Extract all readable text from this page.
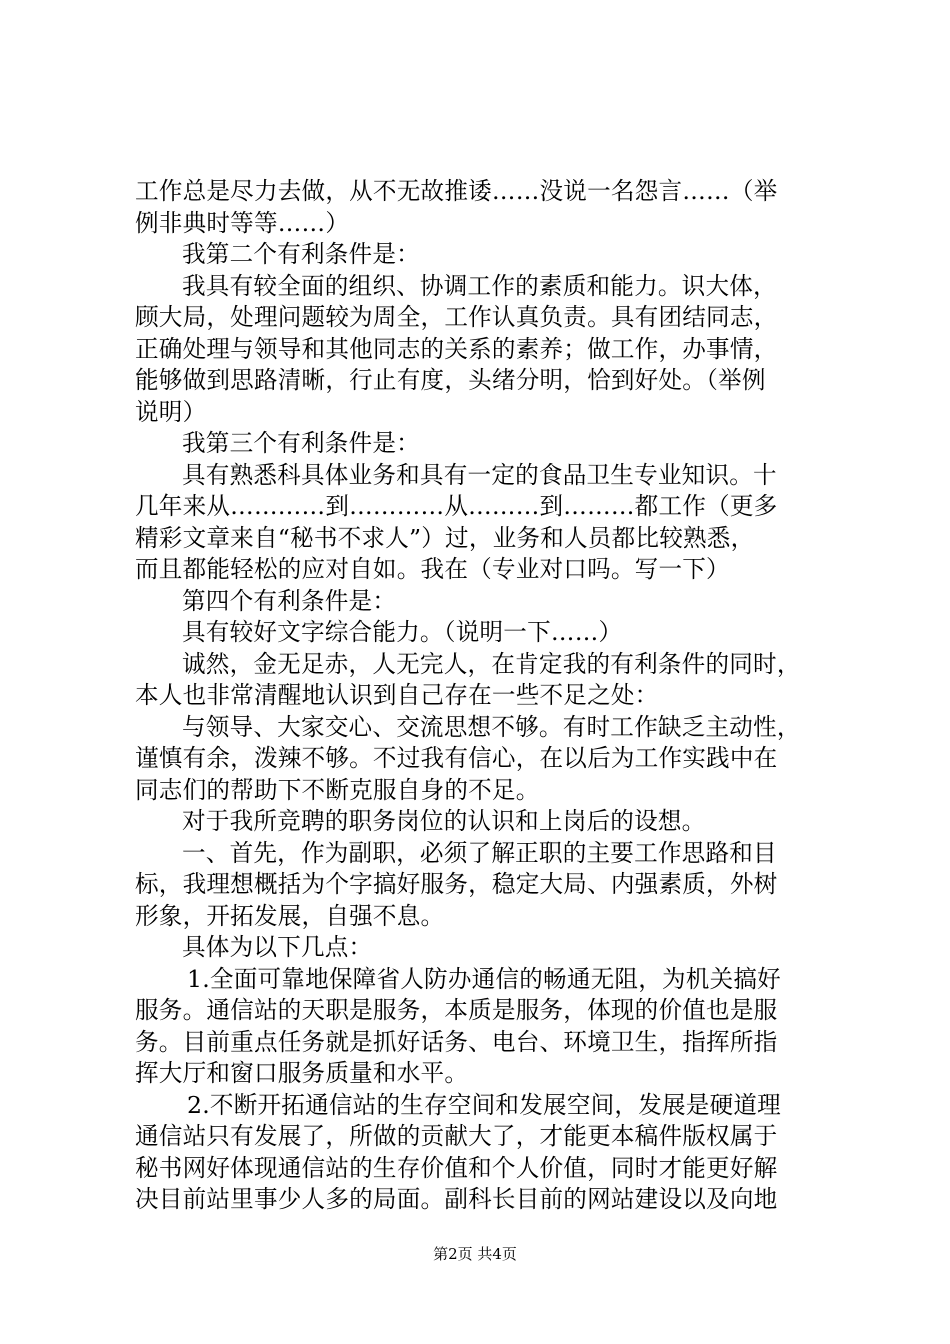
工作总是尽力去做，从不无故推诿……没说一名怨言……（举
例非典时等等……）
我第二个有利条件是：
我具有较全面的组织、协调工作的素质和能力。识大体，
顾大局，处理问题较为周全，工作认真负责。具有团结同志，
正确处理与领导和其他同志的关系的素养；做工作，办事情，
能够做到思路清晰，行止有度，头绪分明，恰到好处。（举例
说明）
我第三个有利条件是：
具有熟悉科具体业务和具有一定的食品卫生专业知识。十
几年来从…………到…………从………到………都工作（更多
精彩文章来自“秘书不求人”）过，业务和人员都比较熟悉，
而且都能轻松的应对自如。我在（专业对口吗。写一下）
第四个有利条件是：
具有较好文字综合能力。（说明一下……）
诚然，金无足赤，人无完人，在肯定我的有利条件的同时，
本人也非常清醒地认识到自己存在一些不足之处：
与领导、大家交心、交流思想不够。有时工作缺乏主动性，
谨慎有余，泼辣不够。不过我有信心，在以后为工作实践中在
同志们的帮助下不断克服自身的不足。
对于我所竞聘的职务岗位的认识和上岗后的设想。
一、首先，作为副职，必须了解正职的主要工作思路和目
标，我理想概括为个字搞好服务，稳定大局、内强素质，外树
形象，开拓发展，自强不息。
具体为以下几点：
1.全面可靠地保障省人防办通信的畅通无阻，为机关搞好
服务。通信站的天职是服务，本质是服务，体现的价值也是服
务。目前重点任务就是抓好话务、电台、环境卫生，指挥所指
挥大厅和窗口服务质量和水平。
2.不断开拓通信站的生存空间和发展空间，发展是硬道理
通信站只有发展了，所做的贡献大了，才能更本稿件版权属于
秘书网好体现通信站的生存价值和个人价值，同时才能更好解
决目前站里事少人多的局面。副科长目前的网站建设以及向地
第2页 共4页
